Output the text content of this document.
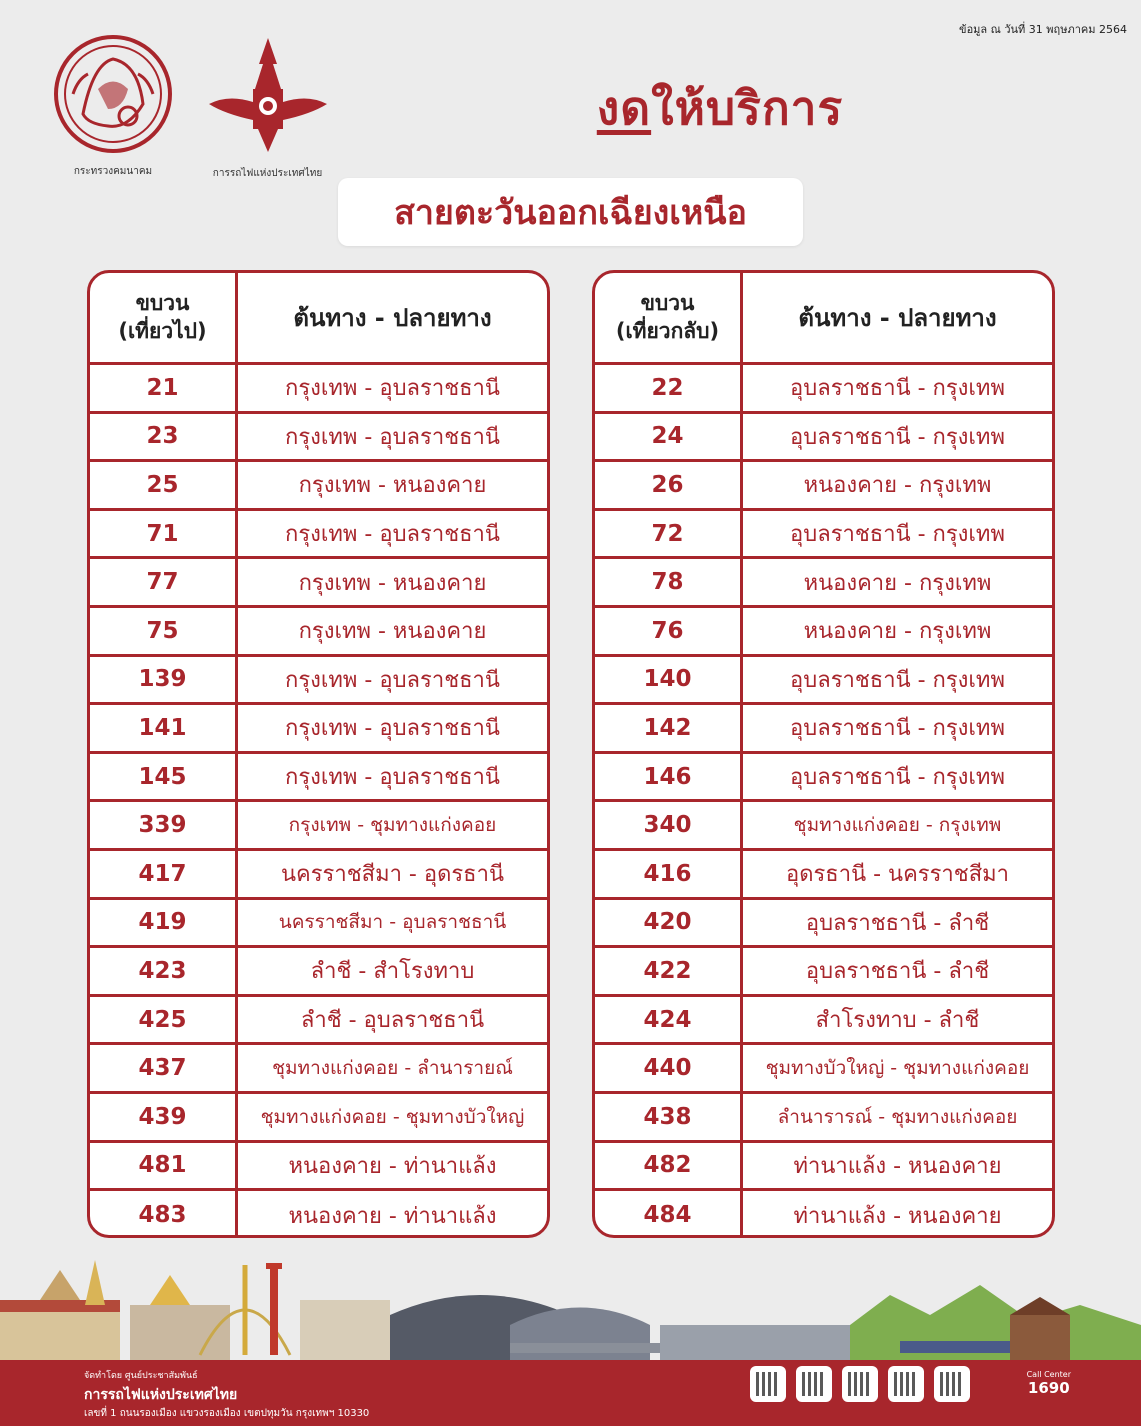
ข้อมูล ณ วันที่ 31 พฤษภาคม 2564
กระทรวงคมนาคม	การรถไฟแห่งประเทศไทย
งดให้บริการ
สายตะวันออกเฉียงเหนือ
ขบวน
(เที่ยวไป)	ต้นทาง - ปลายทาง
21	กรุงเทพ - อุบลราชธานี
23	กรุงเทพ - อุบลราชธานี
25	กรุงเทพ - หนองคาย
71	กรุงเทพ - อุบลราชธานี
77	กรุงเทพ - หนองคาย
75	กรุงเทพ - หนองคาย
139	กรุงเทพ - อุบลราชธานี
141	กรุงเทพ - อุบลราชธานี
145	กรุงเทพ - อุบลราชธานี
339	กรุงเทพ - ชุมทางแก่งคอย
417	นครราชสีมา - อุดรธานี
419	นครราชสีมา - อุบลราชธานี
423	ลำชี - สำโรงทาบ
425	ลำชี - อุบลราชธานี
437	ชุมทางแก่งคอย - ลำนารายณ์
439	ชุมทางแก่งคอย - ชุมทางบัวใหญ่
481	หนองคาย - ท่านาแล้ง
483	หนองคาย - ท่านาแล้ง
ขบวน
(เที่ยวกลับ)	ต้นทาง - ปลายทาง
22	อุบลราชธานี - กรุงเทพ
24	อุบลราชธานี - กรุงเทพ
26	หนองคาย - กรุงเทพ
72	อุบลราชธานี - กรุงเทพ
78	หนองคาย - กรุงเทพ
76	หนองคาย - กรุงเทพ
140	อุบลราชธานี - กรุงเทพ
142	อุบลราชธานี - กรุงเทพ
146	อุบลราชธานี - กรุงเทพ
340	ชุมทางแก่งคอย - กรุงเทพ
416	อุดรธานี - นครราชสีมา
420	อุบลราชธานี - ลำชี
422	อุบลราชธานี - ลำชี
424	สำโรงทาบ - ลำชี
440	ชุมทางบัวใหญ่ - ชุมทางแก่งคอย
438	ลำนารารณ์ - ชุมทางแก่งคอย
482	ท่านาแล้ง - หนองคาย
484	ท่านาแล้ง - หนองคาย
จัดทำโดย ศูนย์ประชาสัมพันธ์
การรถไฟแห่งประเทศไทย
เลขที่ 1 ถนนรองเมือง แขวงรองเมือง เขตปทุมวัน กรุงเทพฯ 10330
Call Center
1690
